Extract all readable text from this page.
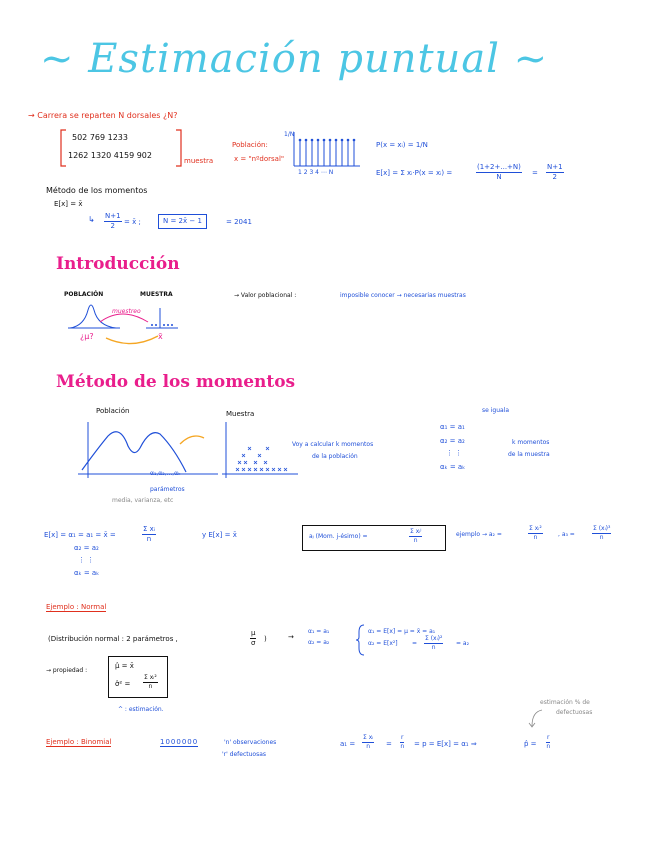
~ Estimación puntual ~
→ Carrera se reparten N dorsales ¿N?
502 769 1233
1262 1320 4159 902
muestra
Población:
x = "nºdorsal"
1/N
1 2 3 4 ⋯ N
P(x = xᵢ) = 1/N
E[x] = Σ xᵢ·P(x = xᵢ) =	$\frac{(1+2+...+N)}{N} = \frac{N+1}{2}$
Método de los momentos
E[x] = x̄
↳ $\frac{N+1}{2}$ = x̄ ;	N = 2x̄ − 1	= 2041
Introducción
POBLACIÓN	MUESTRA	→ Valor poblacional :	imposible conocer → necesarias muestras
muestreo
¿μ?	x̄
Método de los momentos
Población	Muestra
α₁,α₂,...,αₖ
parámetros
media, varianza, etc
Voy a calcular k momentos
de la población
se iguala
α₁ = a₁
α₂ = a₂
⋮ ⋮
αₖ = aₖ
k momentos
de la muestra
E[x] = α₁ = a₁ = x̄ =	$\frac{\text{Σ xᵢ}}{n}$	y E[x] = x̄
α₂ = a₂
⋮ ⋮
αₖ = aₖ
aⱼ (Mom. j-ésimo) =
Σ xᵢʲ
n
ejemplo → a₂ =	$\frac{\text{Σ xᵢ²}}{n}$	, a₃ =	$\frac{\text{Σ (xᵢ)³}}{n}$
Ejemplo : Normal
(Distribución normal : 2 parámetros ,	$\frac{\mu}{\sigma}$ )	→
α₁ = a₁
α₂ = a₂
α₁ = E[x] = μ = x̄ = a₁
$\alpha_2 = E[x^2] = \frac{\text{Σ (xᵢ)²}}{n} = a_2$
→ propiedad :
μ̂ = x̄
σ̂² = $\frac{\text{Σ xᵢ²}}{n}$
^ : estimación.
estimación % de
defectuosas
Ejemplo : Binomial	1000000	'n' observaciones
'r' defectuosas
$a_1 = \frac{\text{Σ xᵢ}}{n} = \frac{r}{n} = p = E[x] = \alpha_1$ ⇒	p̂ = $\frac{r}{n}$
